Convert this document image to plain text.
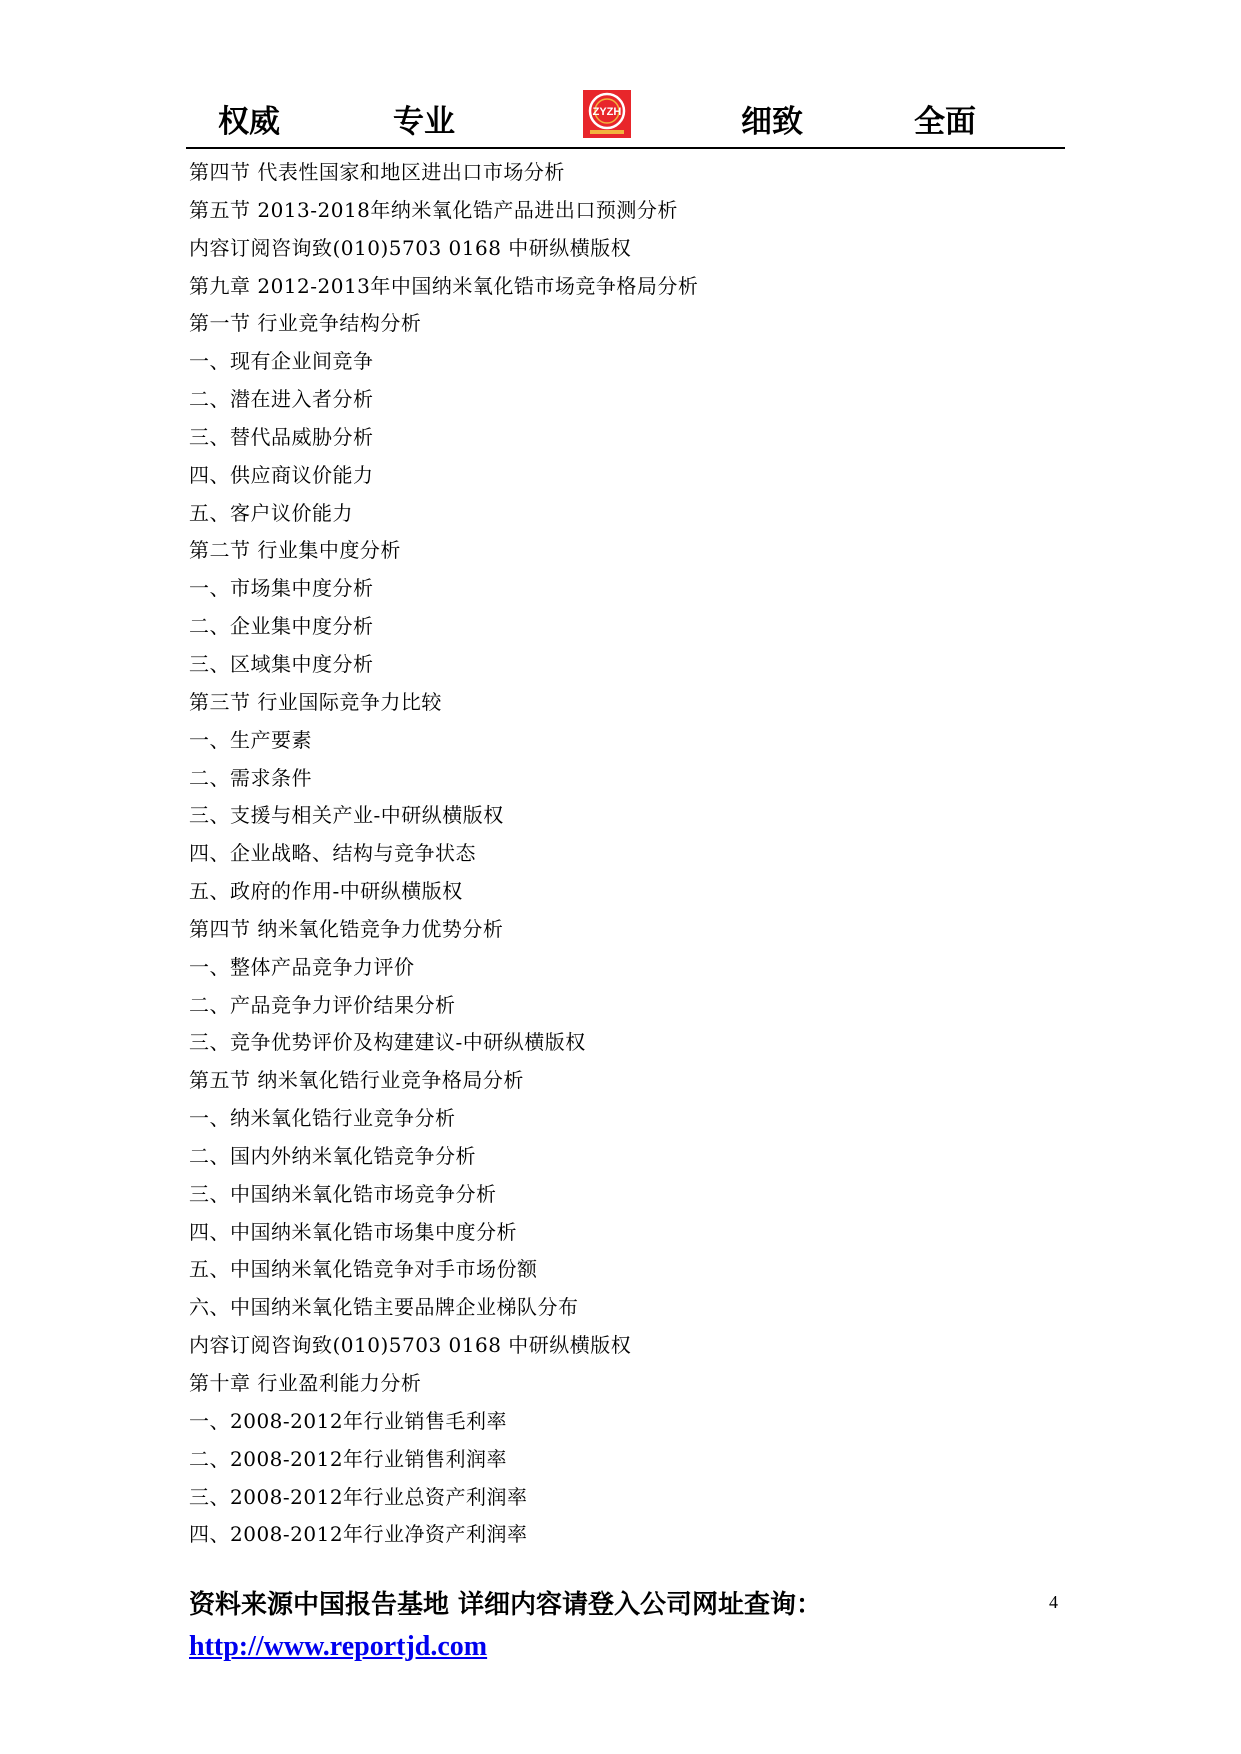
权威	专业	ZYZH	细致	全面
第四节 代表性国家和地区进出口市场分析
第五节 2013-2018年纳米氧化锆产品进出口预测分析
内容订阅咨询致(010)5703 0168 中研纵横版权
第九章 2012-2013年中国纳米氧化锆市场竞争格局分析
第一节 行业竞争结构分析
一、现有企业间竞争
二、潜在进入者分析
三、替代品威胁分析
四、供应商议价能力
五、客户议价能力
第二节 行业集中度分析
一、市场集中度分析
二、企业集中度分析
三、区域集中度分析
第三节 行业国际竞争力比较
一、生产要素
二、需求条件
三、支援与相关产业-中研纵横版权
四、企业战略、结构与竞争状态
五、政府的作用-中研纵横版权
第四节 纳米氧化锆竞争力优势分析
一、整体产品竞争力评价
二、产品竞争力评价结果分析
三、竞争优势评价及构建建议-中研纵横版权
第五节 纳米氧化锆行业竞争格局分析
一、纳米氧化锆行业竞争分析
二、国内外纳米氧化锆竞争分析
三、中国纳米氧化锆市场竞争分析
四、中国纳米氧化锆市场集中度分析
五、中国纳米氧化锆竞争对手市场份额
六、中国纳米氧化锆主要品牌企业梯队分布
内容订阅咨询致(010)5703 0168 中研纵横版权
第十章 行业盈利能力分析
一、2008-2012年行业销售毛利率
二、2008-2012年行业销售利润率
三、2008-2012年行业总资产利润率
四、2008-2012年行业净资产利润率
资料来源中国报告基地 详细内容请登入公司网址查询：
http://www.reportjd.com
4
